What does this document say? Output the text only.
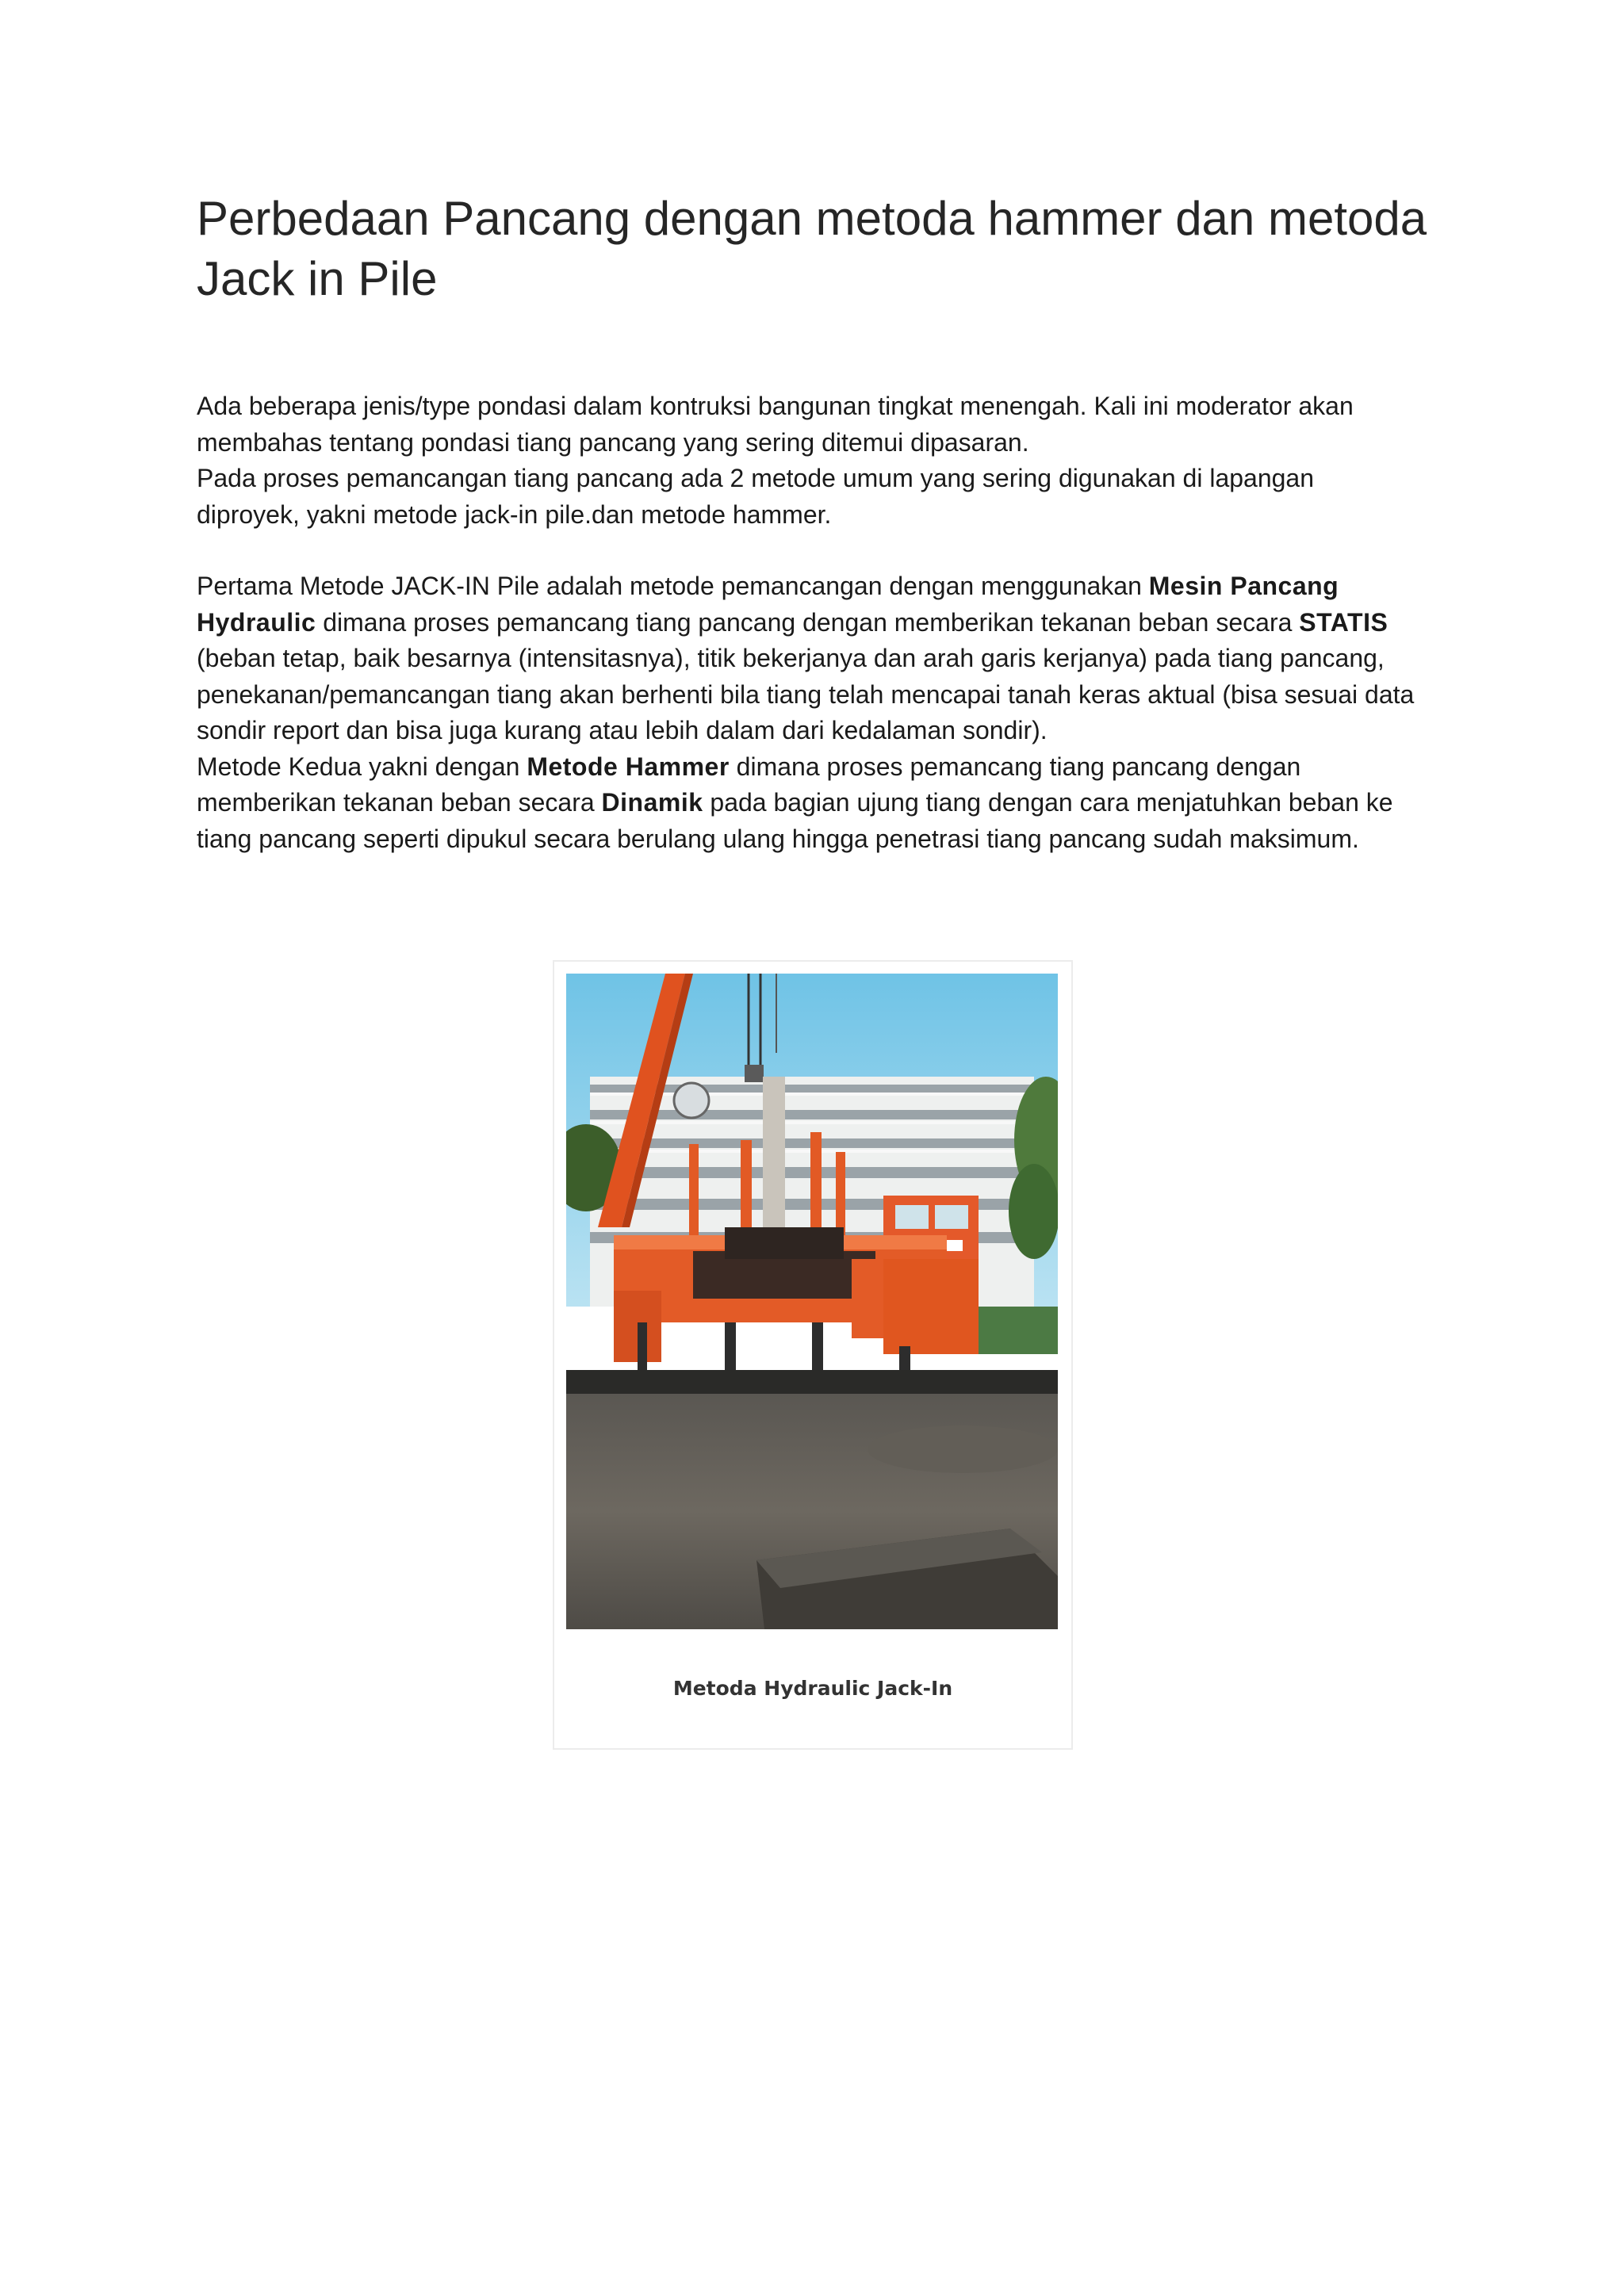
Perbedaan Pancang dengan metoda hammer dan metoda Jack in Pile

Ada beberapa jenis/type pondasi dalam kontruksi bangunan tingkat menengah. Kali ini moderator akan membahas tentang pondasi tiang pancang yang sering ditemui dipasaran.

Pada proses pemancangan tiang pancang ada 2 metode umum yang sering digunakan di lapangan diproyek, yakni metode jack-in pile.dan metode hammer.

Pertama Metode JACK-IN Pile adalah metode pemancangan dengan menggunakan Mesin Pancang Hydraulic dimana proses pemancang tiang pancang dengan memberikan tekanan beban secara STATIS (beban tetap, baik besarnya (intensitasnya), titik bekerjanya dan arah garis kerjanya) pada tiang pancang, penekanan/pemancangan tiang akan berhenti bila tiang telah mencapai tanah keras aktual (bisa sesuai data sondir report dan bisa juga kurang atau lebih dalam dari kedalaman sondir).

Metode Kedua yakni dengan Metode Hammer dimana proses pemancang tiang pancang dengan memberikan tekanan beban secara Dinamik pada bagian ujung tiang dengan cara menjatuhkan beban ke tiang pancang seperti dipukul secara berulang ulang hingga penetrasi tiang pancang sudah maksimum.

Metoda Hydraulic Jack-In
